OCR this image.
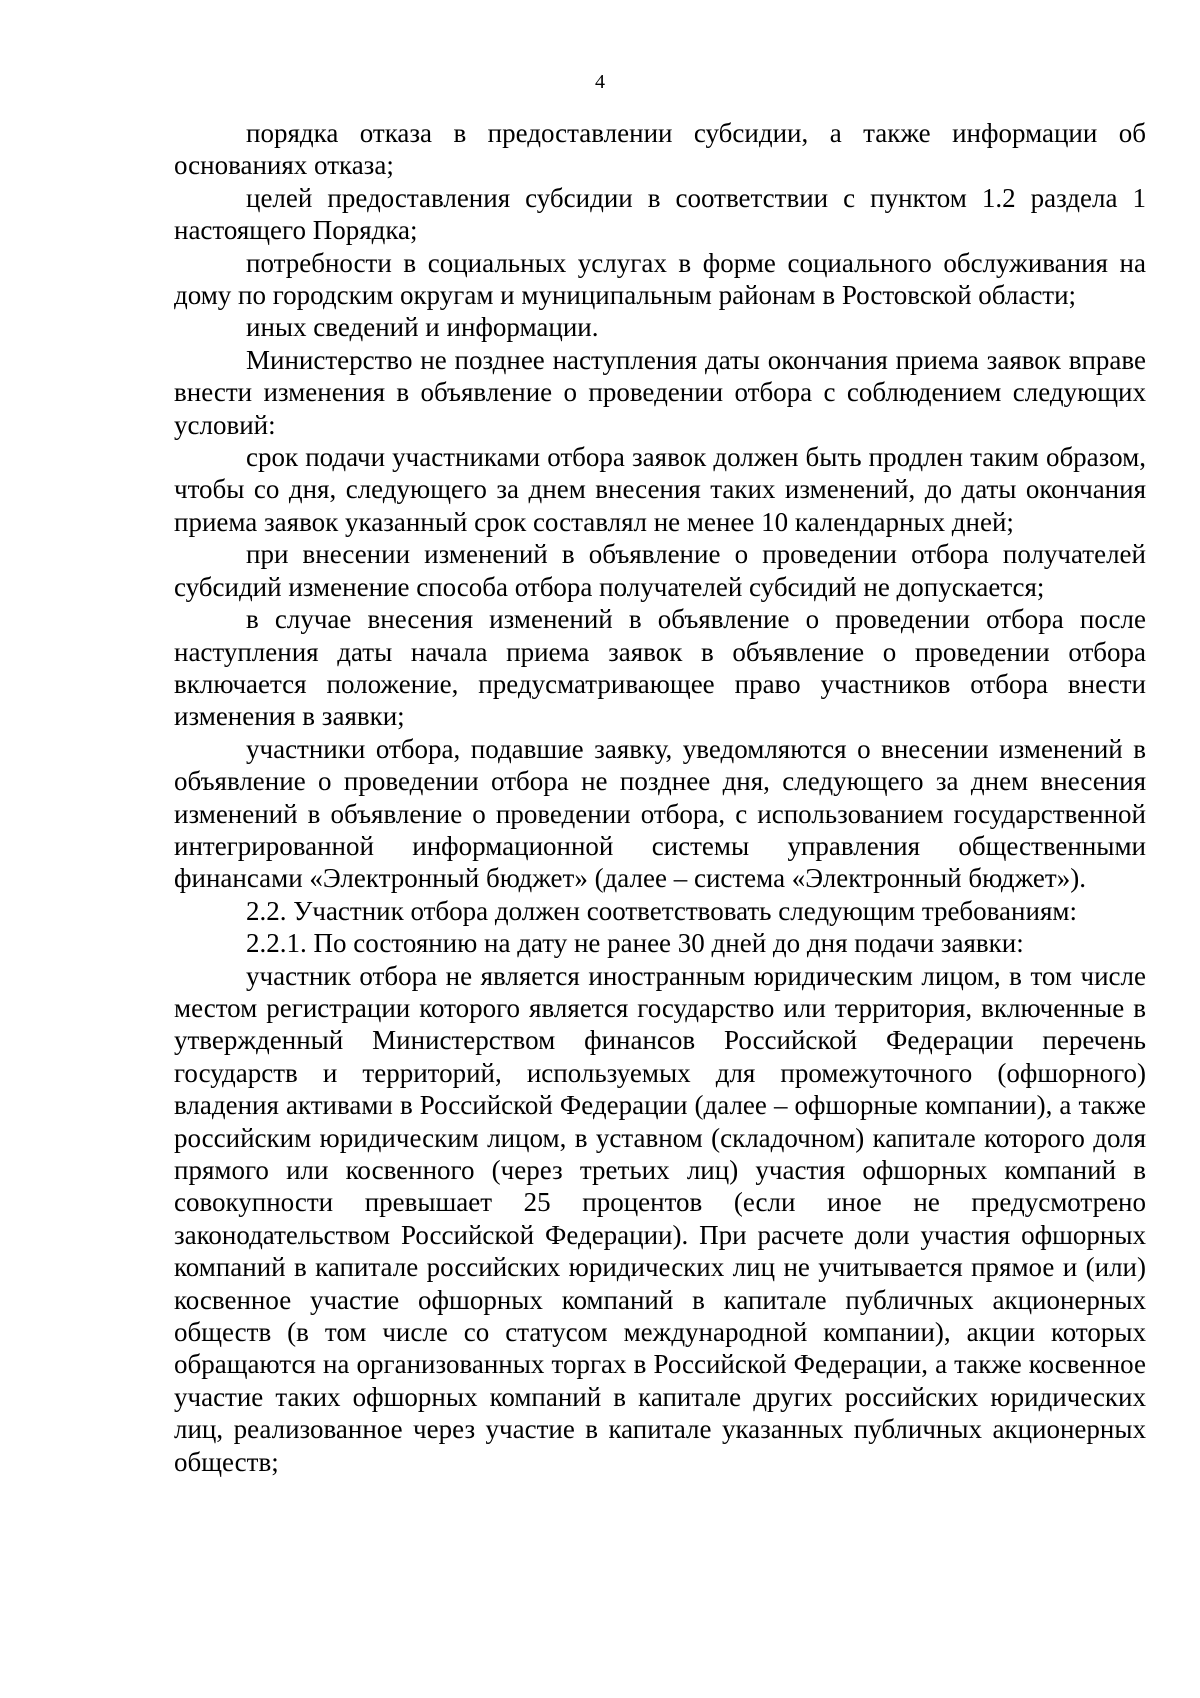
4

порядка отказа в предоставлении субсидии, а также информации об основаниях отказа;

целей предоставления субсидии в соответствии с пунктом 1.2 раздела 1 настоящего Порядка;

потребности в социальных услугах в форме социального обслуживания на дому по городским округам и муниципальным районам в Ростовской области;

иных сведений и информации.

Министерство не позднее наступления даты окончания приема заявок вправе внести изменения в объявление о проведении отбора с соблюдением следующих условий:

срок подачи участниками отбора заявок должен быть продлен таким образом, чтобы со дня, следующего за днем внесения таких изменений, до даты окончания приема заявок указанный срок составлял не менее 10 календарных дней;

при внесении изменений в объявление о проведении отбора получателей субсидий изменение способа отбора получателей субсидий не допускается;

в случае внесения изменений в объявление о проведении отбора после наступления даты начала приема заявок в объявление о проведении отбора включается положение, предусматривающее право участников отбора внести изменения в заявки;

участники отбора, подавшие заявку, уведомляются о внесении изменений в объявление о проведении отбора не позднее дня, следующего за днем внесения изменений в объявление о проведении отбора, с использованием государственной интегрированной информационной системы управления общественными финансами «Электронный бюджет» (далее – система «Электронный бюджет»).

2.2. Участник отбора должен соответствовать следующим требованиям:

2.2.1. По состоянию на дату не ранее 30 дней до дня подачи заявки:

участник отбора не является иностранным юридическим лицом, в том числе местом регистрации которого является государство или территория, включенные в утвержденный Министерством финансов Российской Федерации перечень государств и территорий, используемых для промежуточного (офшорного) владения активами в Российской Федерации (далее – офшорные компании), а также российским юридическим лицом, в уставном (складочном) капитале которого доля прямого или косвенного (через третьих лиц) участия офшорных компаний в совокупности превышает 25 процентов (если иное не предусмотрено законодательством Российской Федерации). При расчете доли участия офшорных компаний в капитале российских юридических лиц не учитывается прямое и (или) косвенное участие офшорных компаний в капитале публичных акционерных обществ (в том числе со статусом международной компании), акции которых обращаются на организованных торгах в Российской Федерации, а также косвенное участие таких офшорных компаний в капитале других российских юридических лиц, реализованное через участие в капитале указанных публичных акционерных обществ;
